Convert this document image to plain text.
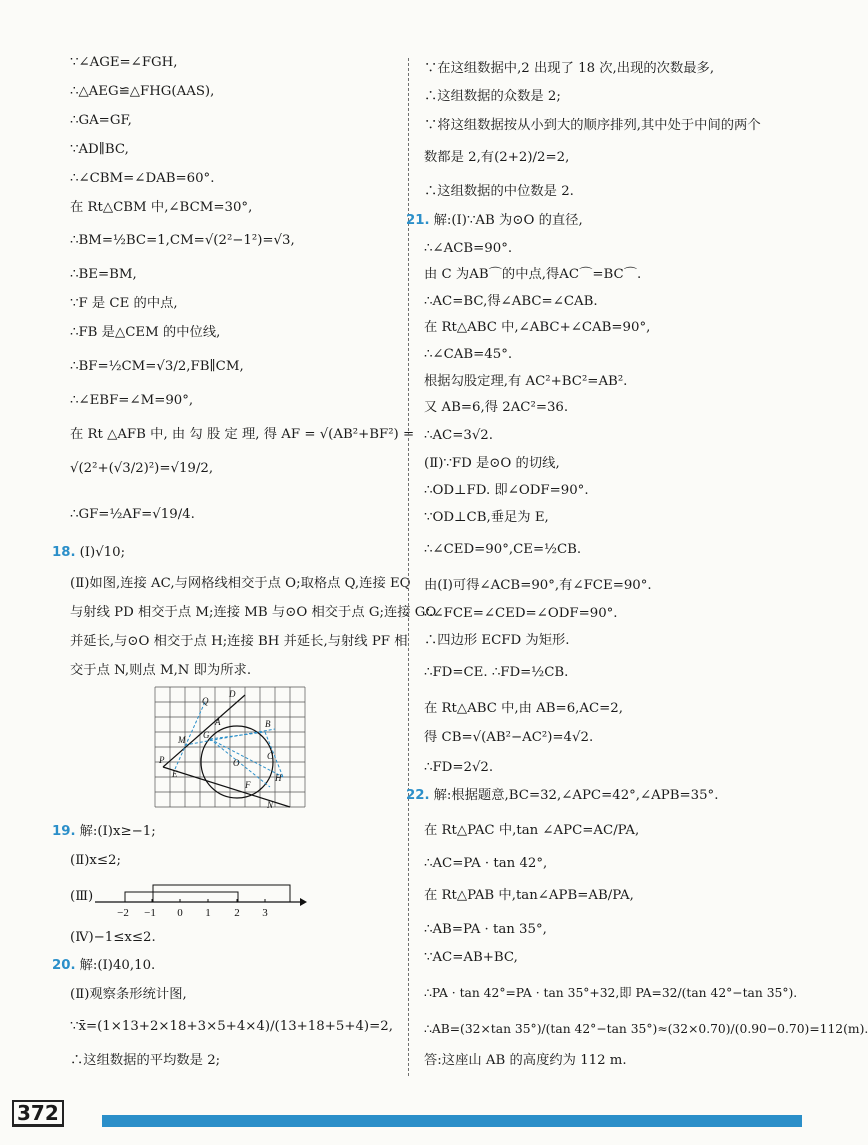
∵∠AGE=∠FGH,
∴△AEG≌△FHG(AAS),
∴GA=GF,
∵AD∥BC,
∴∠CBM=∠DAB=60°.
在 Rt△CBM 中,∠BCM=30°,
∴BM=½BC=1,CM=√(2²−1²)=√3,
∴BE=BM,
∵F 是 CE 的中点,
∴FB 是△CEM 的中位线,
∴BF=½CM=√3/2,FB∥CM,
∴∠EBF=∠M=90°,
在 Rt △AFB 中, 由 勾 股 定 理, 得 AF = √(AB²+BF²) =
√(2²+(√3/2)²)=√19/2,
∴GF=½AF=√19/4.
18. (Ⅰ)√10;
(Ⅱ)如图,连接 AC,与网格线相交于点 O;取格点 Q,连接 EQ
与射线 PD 相交于点 M;连接 MB 与⊙O 相交于点 G;连接 GO
并延长,与⊙O 相交于点 H;连接 BH 并延长,与射线 PF 相
交于点 N,则点 M,N 即为所求.
19. 解:(Ⅰ)x≥−1;
(Ⅱ)x≤2;
(Ⅲ)
(Ⅳ)−1≤x≤2.
20. 解:(Ⅰ)40,10.
(Ⅱ)观察条形统计图,
∵x̄=(1×13+2×18+3×5+4×4)/(13+18+5+4)=2,
∴这组数据的平均数是 2;
∵在这组数据中,2 出现了 18 次,出现的次数最多,
∴这组数据的众数是 2;
∵将这组数据按从小到大的顺序排列,其中处于中间的两个
数都是 2,有(2+2)/2=2,
∴这组数据的中位数是 2.
21. 解:(Ⅰ)∵AB 为⊙O 的直径,
∴∠ACB=90°.
由 C 为AB⌒的中点,得AC⌒=BC⌒.
∴AC=BC,得∠ABC=∠CAB.
在 Rt△ABC 中,∠ABC+∠CAB=90°,
∴∠CAB=45°.
根据勾股定理,有 AC²+BC²=AB².
又 AB=6,得 2AC²=36.
∴AC=3√2.
(Ⅱ)∵FD 是⊙O 的切线,
∴OD⊥FD. 即∠ODF=90°.
∵OD⊥CB,垂足为 E,
∴∠CED=90°,CE=½CB.
由(Ⅰ)可得∠ACB=90°,有∠FCE=90°.
∴∠FCE=∠CED=∠ODF=90°.
∴四边形 ECFD 为矩形.
∴FD=CE. ∴FD=½CB.
在 Rt△ABC 中,由 AB=6,AC=2,
得 CB=√(AB²−AC²)=4√2.
∴FD=2√2.
22. 解:根据题意,BC=32,∠APC=42°,∠APB=35°.
在 Rt△PAC 中,tan ∠APC=AC/PA,
∴AC=PA · tan 42°,
在 Rt△PAB 中,tan∠APB=AB/PA,
∴AB=PA · tan 35°,
∵AC=AB+BC,
∴PA · tan 42°=PA · tan 35°+32,即 PA=32/(tan 42°−tan 35°).
∴AB=(32×tan 35°)/(tan 42°−tan 35°)≈(32×0.70)/(0.90−0.70)=112(m).
答:这座山 AB 的高度约为 112 m.
D
Q
B
A
G
M
O
P
E	H
F
N
C
−2 −1 0 1 2 3
372
